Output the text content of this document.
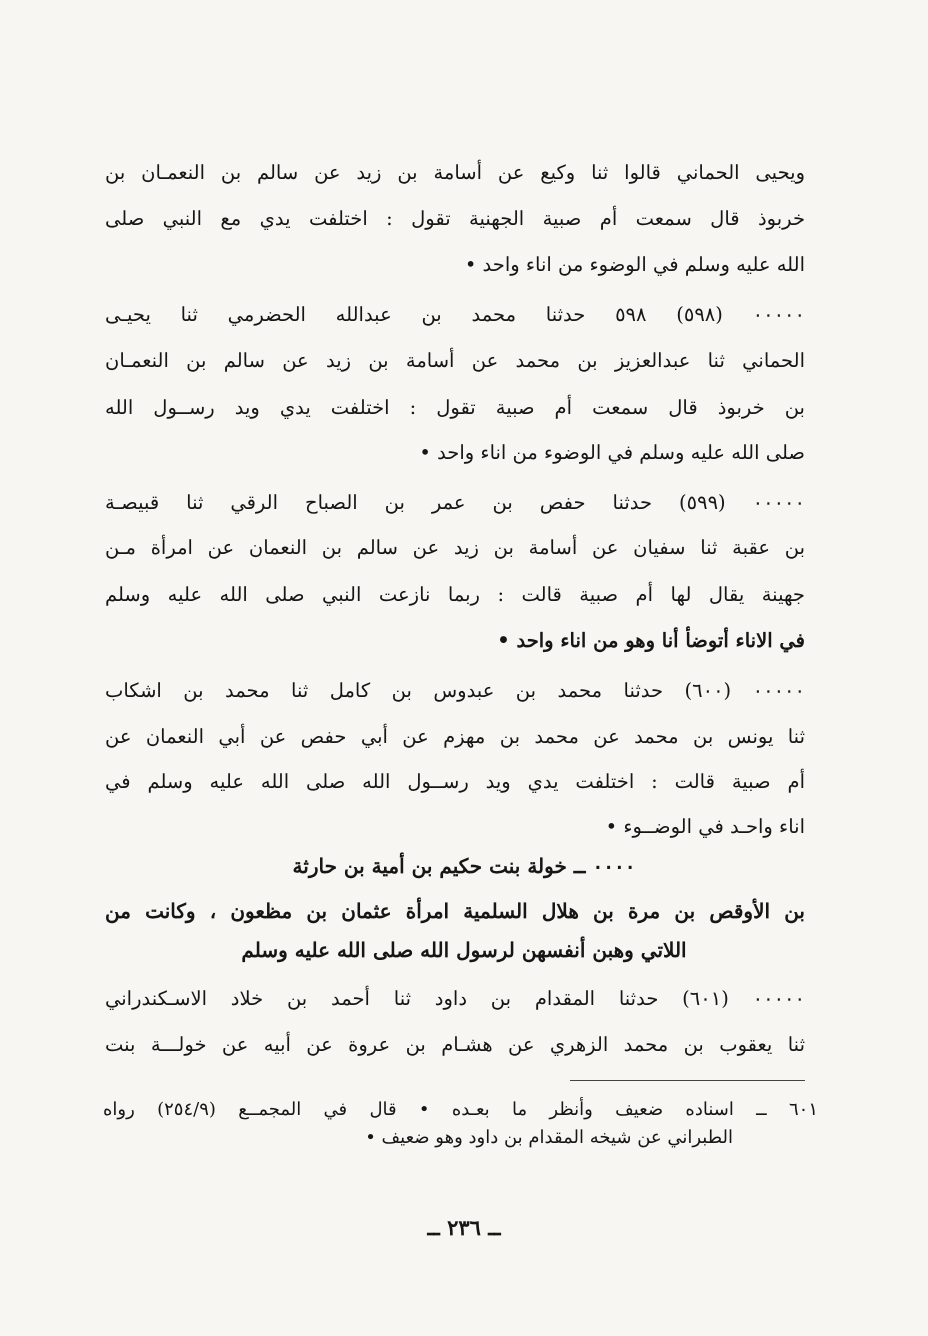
ويحيى الحماني قالوا ثنا وكيع عن أسامة بن زيد عن سالم بن النعمـان بن
خربوذ قال سمعت أم صبية الجهنية تقول : اختلفت يدي مع النبي صلى
الله عليه وسلم في الوضوء من اناء واحد •
٠٠٠٠٠ (٥٩٨) ٥٩٨ حدثنا محمد بن عبدالله الحضرمي ثنا يحيـى
الحماني ثنا عبدالعزيز بن محمد عن أسامة بن زيد عن سالم بن النعمـان
بن خربوذ قال سمعت أم صبية تقول : اختلفت يدي ويد رســول الله
صلى الله عليه وسلم في الوضوء من اناء واحد •
٠٠٠٠٠ (٥٩٩) حدثنا حفص بن عمر بن الصباح الرقي ثنا قبيصـة
بن عقبة ثنا سفيان عن أسامة بن زيد عن سالم بن النعمان عن امرأة مـن
جهينة يقال لها أم صبية قالت : ربما نازعت النبي صلى الله عليه وسلم
في الاناء أتوضأ أنا وهو من اناء واحد •
٠٠٠٠٠ (٦٠٠) حدثنا محمد بن عبدوس بن كامل ثنا محمد بن اشكاب
ثنا يونس بن محمد عن محمد بن مهزم عن أبي حفص عن أبي النعمان عن
أم صبية قالت : اختلفت يدي ويد رســول الله صلى الله عليه وسلم في
اناء واحـد في الوضــوء •
٠٠٠٠ ــ خولة بنت حكيم بن أمية بن حارثة
بن الأوقص بن مرة بن هلال السلمية امرأة عثمان بن مظعون ، وكانت من
اللاتي وهبن أنفسهن لرسول الله صلى الله عليه وسلم
٠٠٠٠٠ (٦٠١) حدثنا المقدام بن داود ثنا أحمد بن خلاد الاسـكندراني
ثنا يعقوب بن محمد الزهري عن هشـام بن عروة عن أبيه عن خولـــة بنت
٦٠١ ــ اسناده ضعيف وأنظر ما بعـده • قال في المجمــع (٢٥٤/٩) رواه
الطبراني عن شيخه المقدام بن داود وهو ضعيف •
ــ ٢٣٦ ــ
